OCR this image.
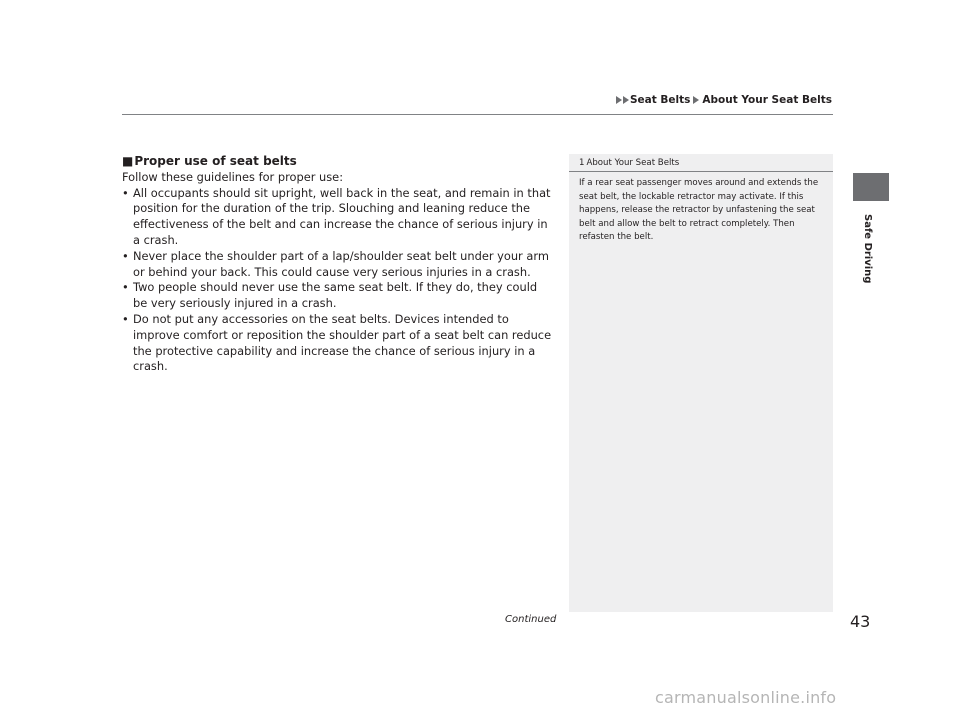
Seat Belts About Your Seat Belts
Safe Driving

■Proper use of seat belts

Follow these guidelines for proper use:

• All occupants should sit upright, well back in the seat, and remain in that position for the duration of the trip. Slouching and leaning reduce the effectiveness of the belt and can increase the chance of serious injury in a crash.
• Never place the shoulder part of a lap/shoulder seat belt under your arm or behind your back. This could cause very serious injuries in a crash.
• Two people should never use the same seat belt. If they do, they could be very seriously injured in a crash.
• Do not put any accessories on the seat belts. Devices intended to improve comfort or reposition the shoulder part of a seat belt can reduce the protective capability and increase the chance of serious injury in a crash.

1 About Your Seat Belts

If a rear seat passenger moves around and extends the seat belt, the lockable retractor may activate. If this happens, release the retractor by unfastening the seat belt and allow the belt to retract completely. Then refasten the belt.

Continued	43
carmanualsonline.info
